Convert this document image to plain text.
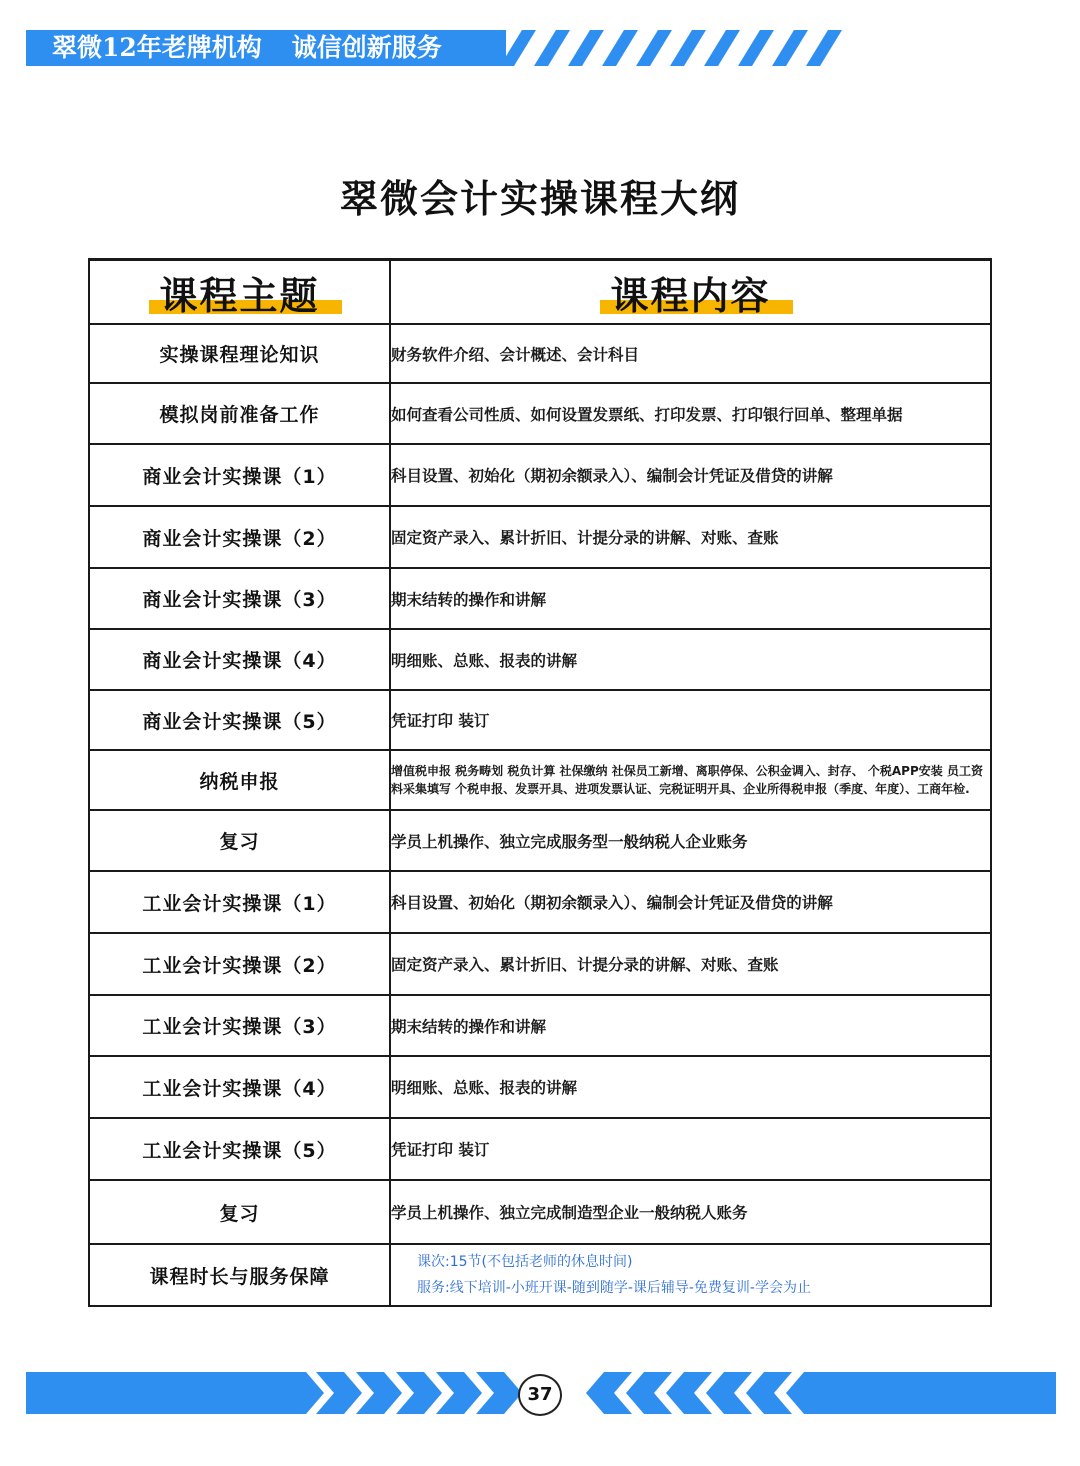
翠微12年老牌机构 诚信创新服务
翠微会计实操课程大纲
课程主题	课程内容
实操课程理论知识	财务软件介绍、会计概述、会计科目
模拟岗前准备工作	如何查看公司性质、如何设置发票纸、打印发票、打印银行回单、整理单据
商业会计实操课（1）	科目设置、初始化（期初余额录入）、编制会计凭证及借贷的讲解
商业会计实操课（2）	固定资产录入、累计折旧、计提分录的讲解、对账、查账
商业会计实操课（3）	期末结转的操作和讲解
商业会计实操课（4）	明细账、总账、报表的讲解
商业会计实操课（5）	凭证打印 装订
纳税申报	增值税申报 税务畴划 税负计算 社保缴纳 社保员工新增、离职停保、公积金调入、封存、 个税APP安装 员工资料采集填写 个税申报、发票开具、进项发票认证、完税证明开具、企业所得税申报（季度、年度）、工商年检.
复习	学员上机操作、独立完成服务型一般纳税人企业账务
工业会计实操课（1）	科目设置、初始化（期初余额录入）、编制会计凭证及借贷的讲解
工业会计实操课（2）	固定资产录入、累计折旧、计提分录的讲解、对账、查账
工业会计实操课（3）	期末结转的操作和讲解
工业会计实操课（4）	明细账、总账、报表的讲解
工业会计实操课（5）	凭证打印 装订
复习	学员上机操作、独立完成制造型企业一般纳税人账务
课程时长与服务保障	课次:15节(不包括老师的休息时间)
服务:线下培训-小班开课-随到随学-课后辅导-免费复训-学会为止
37
